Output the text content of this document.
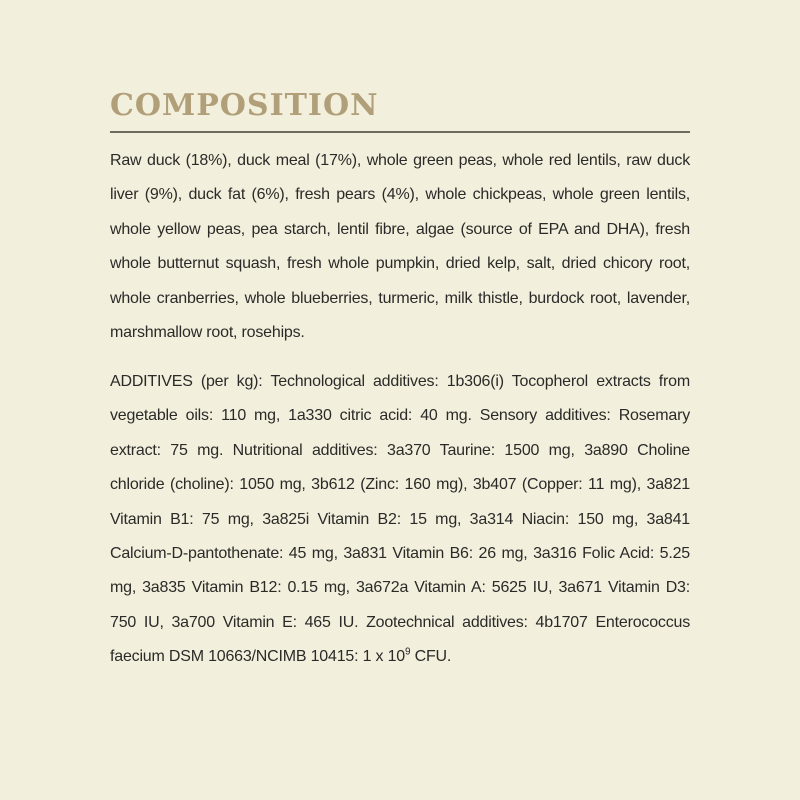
COMPOSITION

Raw duck (18%), duck meal (17%), whole green peas, whole red lentils, raw duck liver (9%), duck fat (6%), fresh pears (4%), whole chickpeas, whole green lentils, whole yellow peas, pea starch, lentil fibre, algae (source of EPA and DHA), fresh whole butternut squash, fresh whole pumpkin, dried kelp, salt, dried chicory root, whole cranberries, whole blueberries, turmeric, milk thistle, burdock root, lavender, marshmallow root, rosehips.

ADDITIVES (per kg): Technological additives: 1b306(i) Tocopherol extracts from vegetable oils: 110 mg, 1a330 citric acid: 40 mg. Sensory additives: Rosemary extract: 75 mg. Nutritional additives: 3a370 Taurine: 1500 mg, 3a890 Choline chloride (choline): 1050 mg, 3b612 (Zinc: 160 mg), 3b407 (Copper: 11 mg), 3a821 Vitamin B1: 75 mg, 3a825i Vitamin B2: 15 mg, 3a314 Niacin: 150 mg, 3a841 Calcium-D-pantothenate: 45 mg, 3a831 Vitamin B6: 26 mg, 3a316 Folic Acid: 5.25 mg, 3a835 Vitamin B12: 0.15 mg, 3a672a Vitamin A: 5625 IU, 3a671 Vitamin D3: 750 IU, 3a700 Vitamin E: 465 IU. Zootechnical additives: 4b1707 Enterococcus faecium DSM 10663/NCIMB 10415: 1 x $10^9$ CFU.
